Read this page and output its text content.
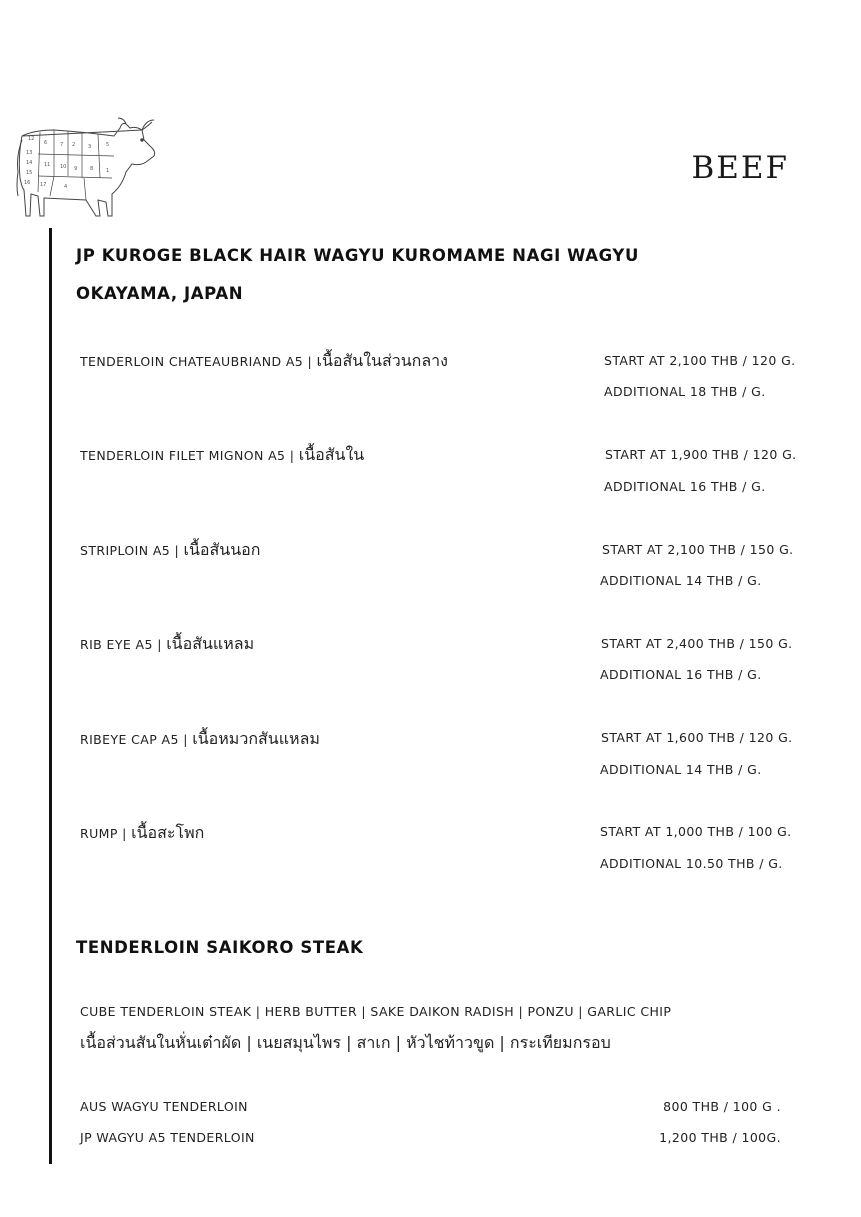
12
6	7 2	3	5
13
14
15
16
11 10 9	8	1
17	4
BEEF
JP KUROGE BLACK HAIR WAGYU KUROMAME NAGI WAGYU
OKAYAMA, JAPAN
TENDERLOIN CHATEAUBRIAND A5 | เนื้อสันในส่วนกลาง	START AT 2,100 THB / 120 G.
ADDITIONAL 18 THB / G.
TENDERLOIN FILET MIGNON A5 | เนื้อสันใน	START AT 1,900 THB / 120 G.
ADDITIONAL 16 THB / G.
STRIPLOIN A5 | เนื้อสันนอก	START AT 2,100 THB / 150 G.
ADDITIONAL 14 THB / G.
RIB EYE A5 | เนื้อสันแหลม	START AT 2,400 THB / 150 G.
ADDITIONAL 16 THB / G.
RIBEYE CAP A5 | เนื้อหมวกสันแหลม	START AT 1,600 THB / 120 G.
ADDITIONAL 14 THB / G.
RUMP | เนื้อสะโพก	START AT 1,000 THB / 100 G.
ADDITIONAL 10.50 THB / G.
TENDERLOIN SAIKORO STEAK
CUBE TENDERLOIN STEAK | HERB BUTTER | SAKE DAIKON RADISH | PONZU | GARLIC CHIP
เนื้อส่วนสันในหั่นเต๋าผัด | เนยสมุนไพร | สาเก | หัวไชท้าวขูด | กระเทียมกรอบ
AUS WAGYU TENDERLOIN	800 THB / 100 G .
JP WAGYU A5 TENDERLOIN	1,200 THB / 100G.
